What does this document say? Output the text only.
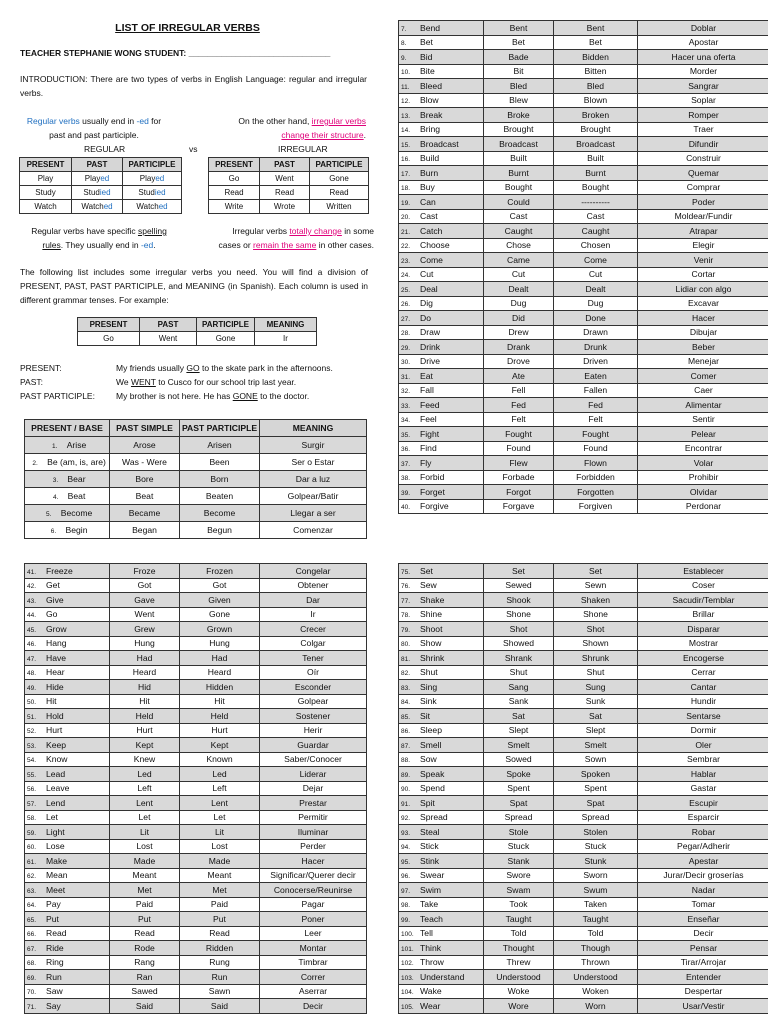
LIST OF IRREGULAR VERBS
TEACHER STEPHANIE WONG STUDENT: ______________________________
INTRODUCTION: There are two types of verbs in English Language: regular and irregular verbs.
Regular verbs usually end in -ed for past and past participle.
On the other hand, irregular verbs change their structure.
REGULAR	vs	IRREGULAR
PRESENT	PAST	PARTICIPLE
Play	Played	Played
Study	Studied	Studied
Watch	Watched	Watched
PRESENT	PAST	PARTICIPLE
Go	Went	Gone
Read	Read	Read
Write	Wrote	Written
Regular verbs have specific spelling rules. They usually end in -ed.
Irregular verbs totally change in some cases or remain the same in other cases.
The following list includes some irregular verbs you need. You will find a division of PRESENT, PAST, PAST PARTICIPLE, and MEANING (in Spanish). Each column is used in different grammar tenses. For example:
PRESENT	PAST	PARTICIPLE	MEANING
Go	Went	Gone	Ir
PRESENT:	My friends usually GO to the skate park in the afternoons.
PAST:	We WENT to Cusco for our school trip last year.
PAST PARTICIPLE: My brother is not here. He has GONE to the doctor.
PRESENT / BASE	PAST SIMPLE	PAST PARTICIPLE	MEANING
1. Arise	Arose	Arisen	Surgir
2. Be (am, is, are)	Was - Were	Been	Ser o Estar
3. Bear	Bore	Born	Dar a luz
4. Beat	Beat	Beaten	Golpear/Batir
5. Become	Became	Become	Llegar a ser
6. Begin	Began	Begun	Comenzar
7. Bend	Bent	Bent	Doblar
8. Bet	Bet	Bet	Apostar
9. Bid	Bade	Bidden	Hacer una oferta
10. Bite	Bit	Bitten	Morder
11. Bleed	Bled	Bled	Sangrar
12. Blow	Blew	Blown	Soplar
13. Break	Broke	Broken	Romper
14. Bring	Brought	Brought	Traer
15. Broadcast	Broadcast	Broadcast	Difundir
16. Build	Built	Built	Construir
17. Burn	Burnt	Burnt	Quemar
18. Buy	Bought	Bought	Comprar
19. Can	Could	----------	Poder
20. Cast	Cast	Cast	Moldear/Fundir
21. Catch	Caught	Caught	Atrapar
22. Choose	Chose	Chosen	Elegir
23. Come	Came	Come	Venir
24. Cut	Cut	Cut	Cortar
25. Deal	Dealt	Dealt	Lidiar con algo
26. Dig	Dug	Dug	Excavar
27. Do	Did	Done	Hacer
28. Draw	Drew	Drawn	Dibujar
29. Drink	Drank	Drunk	Beber
30. Drive	Drove	Driven	Menejar
31. Eat	Ate	Eaten	Comer
32. Fall	Fell	Fallen	Caer
33. Feed	Fed	Fed	Alimentar
34. Feel	Felt	Felt	Sentir
35. Fight	Fought	Fought	Pelear
36. Find	Found	Found	Encontrar
37. Fly	Flew	Flown	Volar
38. Forbid	Forbade	Forbidden	Prohibir
39. Forget	Forgot	Forgotten	Olvidar
40. Forgive	Forgave	Forgiven	Perdonar
41. Freeze	Froze	Frozen	Congelar
42. Get	Got	Got	Obtener
43. Give	Gave	Given	Dar
44. Go	Went	Gone	Ir
45. Grow	Grew	Grown	Crecer
46. Hang	Hung	Hung	Colgar
47. Have	Had	Had	Tener
48. Hear	Heard	Heard	Oír
49. Hide	Hid	Hidden	Esconder
50. Hit	Hit	Hit	Golpear
51. Hold	Held	Held	Sostener
52. Hurt	Hurt	Hurt	Herir
53. Keep	Kept	Kept	Guardar
54. Know	Knew	Known	Saber/Conocer
55. Lead	Led	Led	Liderar
56. Leave	Left	Left	Dejar
57. Lend	Lent	Lent	Prestar
58. Let	Let	Let	Permitir
59. Light	Lit	Lit	Iluminar
60. Lose	Lost	Lost	Perder
61. Make	Made	Made	Hacer
62. Mean	Meant	Meant	Significar/Querer decir
63. Meet	Met	Met	Conocerse/Reunirse
64. Pay	Paid	Paid	Pagar
65. Put	Put	Put	Poner
66. Read	Read	Read	Leer
67. Ride	Rode	Ridden	Montar
68. Ring	Rang	Rung	Timbrar
69. Run	Ran	Run	Correr
70. Saw	Sawed	Sawn	Aserrar
71. Say	Said	Said	Decir
75. Set	Set	Set	Establecer
76. Sew	Sewed	Sewn	Coser
77. Shake	Shook	Shaken	Sacudir/Temblar
78. Shine	Shone	Shone	Brillar
79. Shoot	Shot	Shot	Disparar
80. Show	Showed	Shown	Mostrar
81. Shrink	Shrank	Shrunk	Encogerse
82. Shut	Shut	Shut	Cerrar
83. Sing	Sang	Sung	Cantar
84. Sink	Sank	Sunk	Hundir
85. Sit	Sat	Sat	Sentarse
86. Sleep	Slept	Slept	Dormir
87. Smell	Smelt	Smelt	Oler
88. Sow	Sowed	Sown	Sembrar
89. Speak	Spoke	Spoken	Hablar
90. Spend	Spent	Spent	Gastar
91. Spit	Spat	Spat	Escupir
92. Spread	Spread	Spread	Esparcir
93. Steal	Stole	Stolen	Robar
94. Stick	Stuck	Stuck	Pegar/Adherir
95. Stink	Stank	Stunk	Apestar
96. Swear	Swore	Sworn	Jurar/Decir groserías
97. Swim	Swam	Swum	Nadar
98. Take	Took	Taken	Tomar
99. Teach	Taught	Taught	Enseñar
100. Tell	Told	Told	Decir
101. Think	Thought	Though	Pensar
102. Throw	Threw	Thrown	Tirar/Arrojar
103. Understand	Understood	Understood	Entender
104. Wake	Woke	Woken	Despertar
105. Wear	Wore	Worn	Usar/Vestir
